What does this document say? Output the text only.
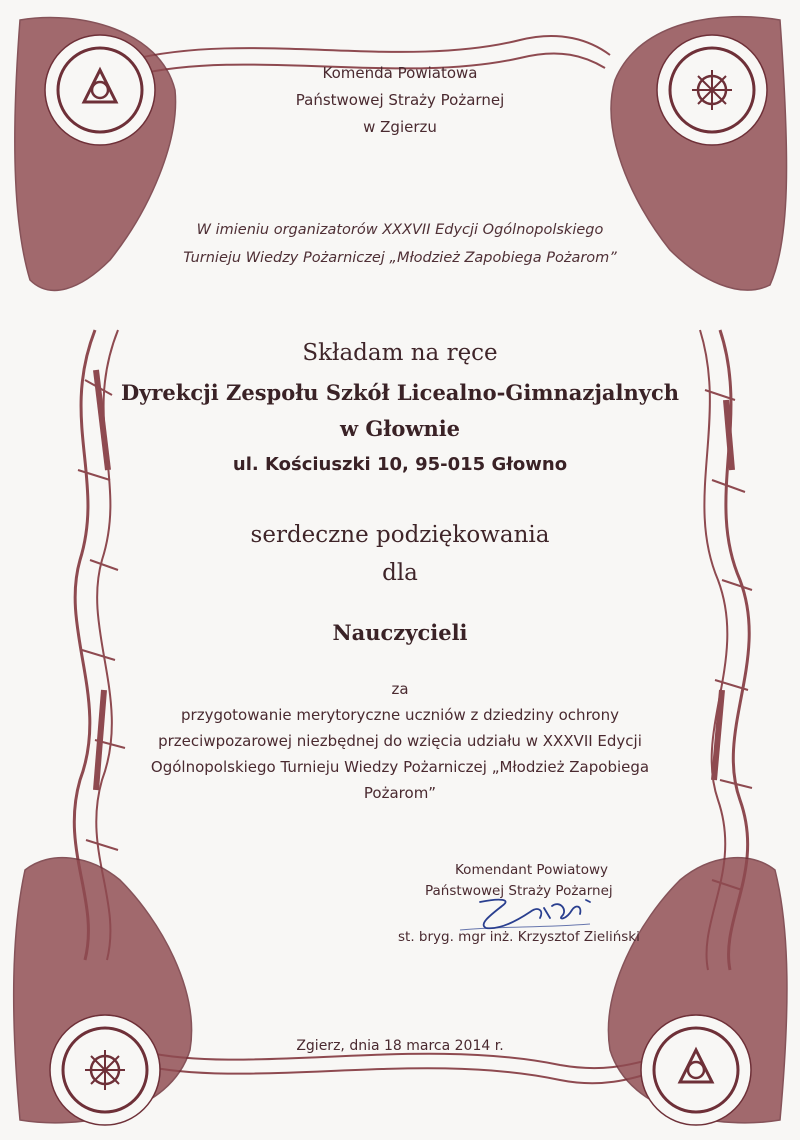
Komenda Powiatowa
Państwowej Straży Pożarnej
w Zgierzu
W imieniu organizatorów XXXVII Edycji Ogólnopolskiego
Turnieju Wiedzy Pożarniczej „Młodzież Zapobiega Pożarom”
Składam na ręce
Dyrekcji Zespołu Szkół Licealno-Gimnazjalnych
w Głownie
ul. Kościuszki 10, 95-015 Głowno
serdeczne podziękowania
dla
Nauczycieli
za
przygotowanie merytoryczne uczniów z dziedziny ochrony
przeciwpozarowej niezbędnej do wzięcia udziału w XXXVII Edycji
Ogólnopolskiego Turnieju Wiedzy Pożarniczej „Młodzież Zapobiega
Pożarom”
Komendant Powiatowy
Państwowej Straży Pożarnej
st. bryg. mgr inż. Krzysztof Zieliński
Zgierz, dnia 18 marca 2014 r.
